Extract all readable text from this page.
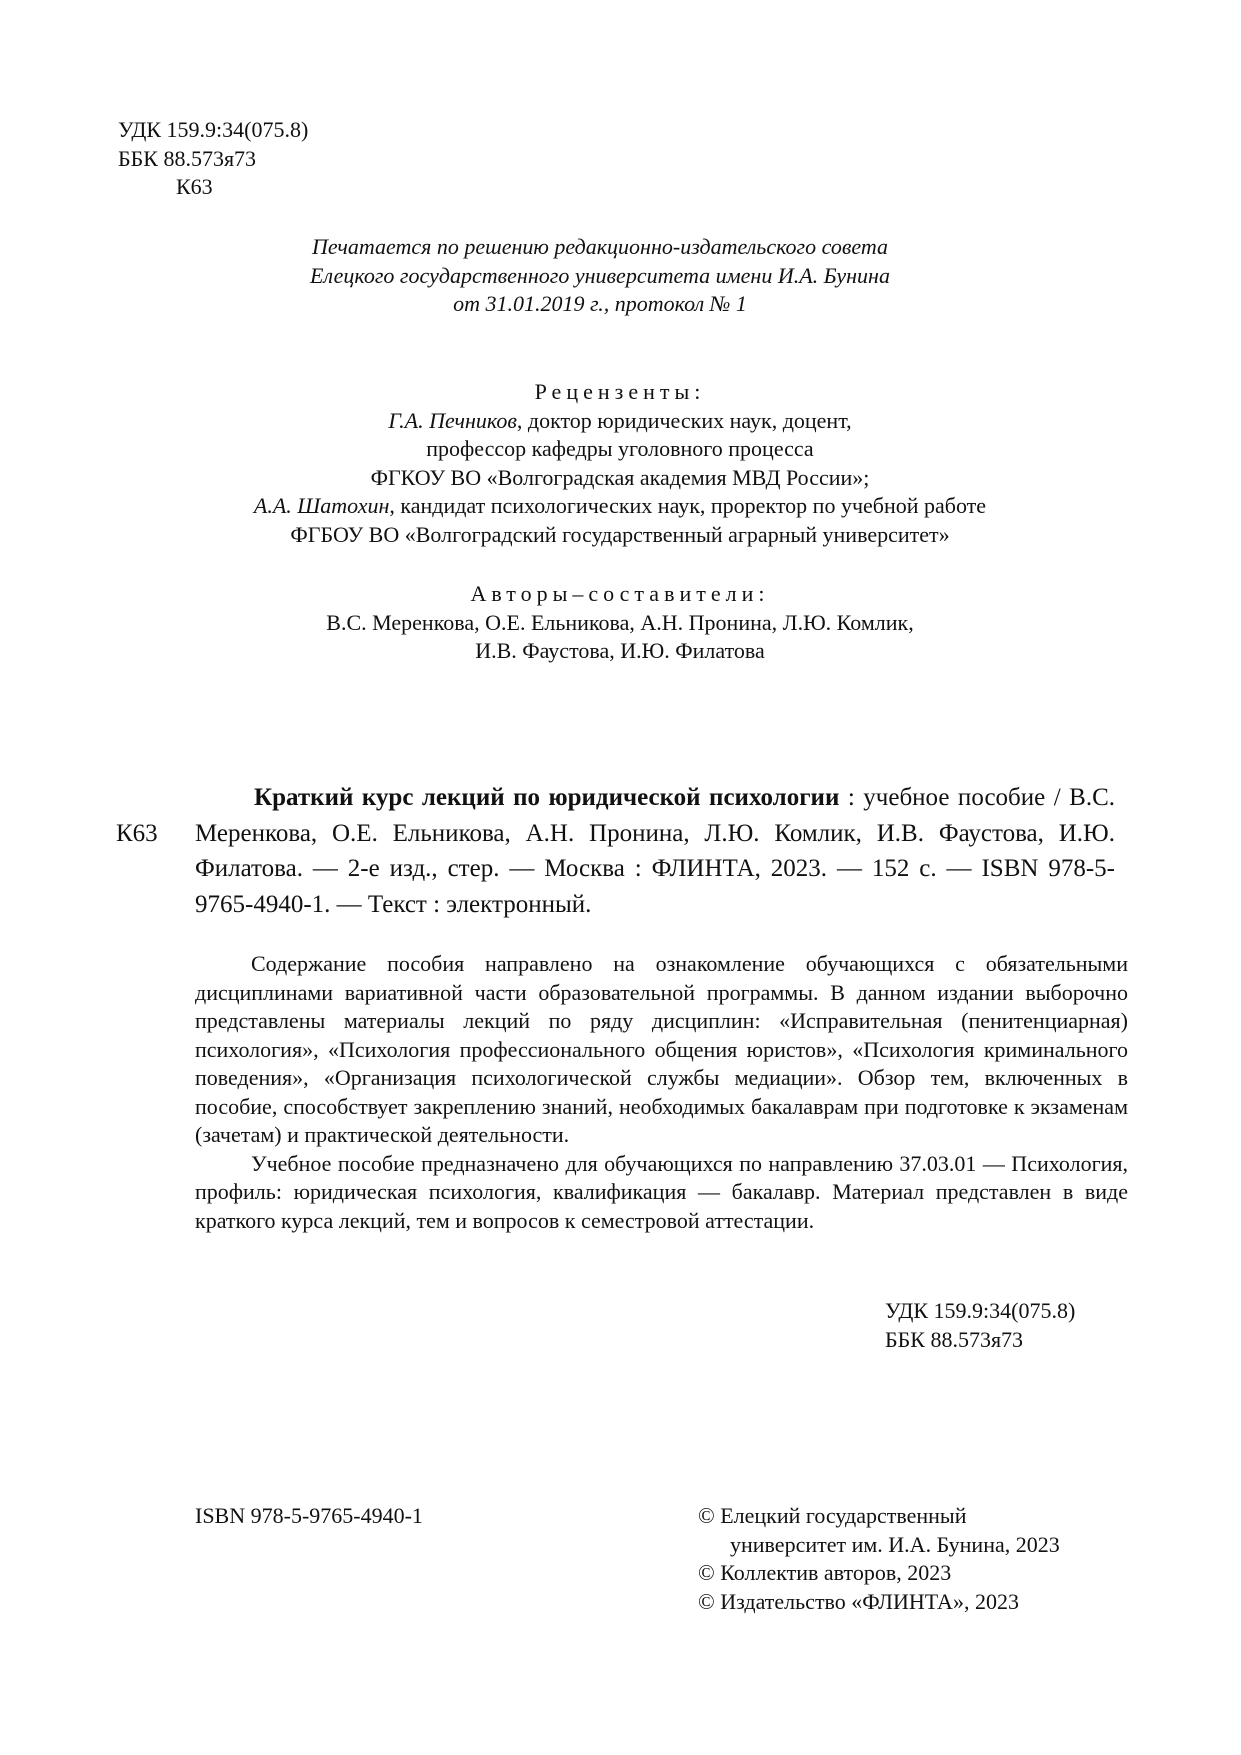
УДК 159.9:34(075.8)
ББК 88.573я73
К63
Печатается по решению редакционно-издательского совета
Елецкого государственного университета имени И.А. Бунина
от 31.01.2019 г., протокол № 1
Рецензенты:
Г.А. Печников, доктор юридических наук, доцент,
профессор кафедры уголовного процесса
ФГКОУ ВО «Волгоградская академия МВД России»;
А.А. Шатохин, кандидат психологических наук, проректор по учебной работе
ФГБОУ ВО «Волгоградский государственный аграрный университет»
Авторы–составители:
В.С. Меренкова, О.Е. Ельникова, А.Н. Пронина, Л.Ю. Комлик,
И.В. Фаустова, И.Ю. Филатова
К63
Краткий курс лекций по юридической психологии : учебное пособие / В.С. Меренкова, О.Е. Ельникова, А.Н. Пронина, Л.Ю. Комлик, И.В. Фаустова, И.Ю. Филатова. — 2-е изд., стер. — Москва : ФЛИНТА, 2023. — 152 с. — ISBN 978-5-9765-4940-1. — Текст : электронный.

Содержание пособия направлено на ознакомление обучающихся с обязательными дисциплинами вариативной части образовательной программы. В данном издании выборочно представлены материалы лекций по ряду дисциплин: «Исправительная (пенитенциарная) психология», «Психология профессионального общения юристов», «Психология криминального поведения», «Организация психологической службы медиации». Обзор тем, включенных в пособие, способствует закреплению знаний, необходимых бакалаврам при подготовке к экзаменам (зачетам) и практической деятельности.

Учебное пособие предназначено для обучающихся по направлению 37.03.01 — Психология, профиль: юридическая психология, квалификация — бакалавр. Материал представлен в виде краткого курса лекций, тем и вопросов к семестровой аттестации.

УДК 159.9:34(075.8)
ББК 88.573я73
ISBN 978-5-9765-4940-1	© Елецкий государственный
университет им. И.А. Бунина, 2023
© Коллектив авторов, 2023
© Издательство «ФЛИНТА», 2023
